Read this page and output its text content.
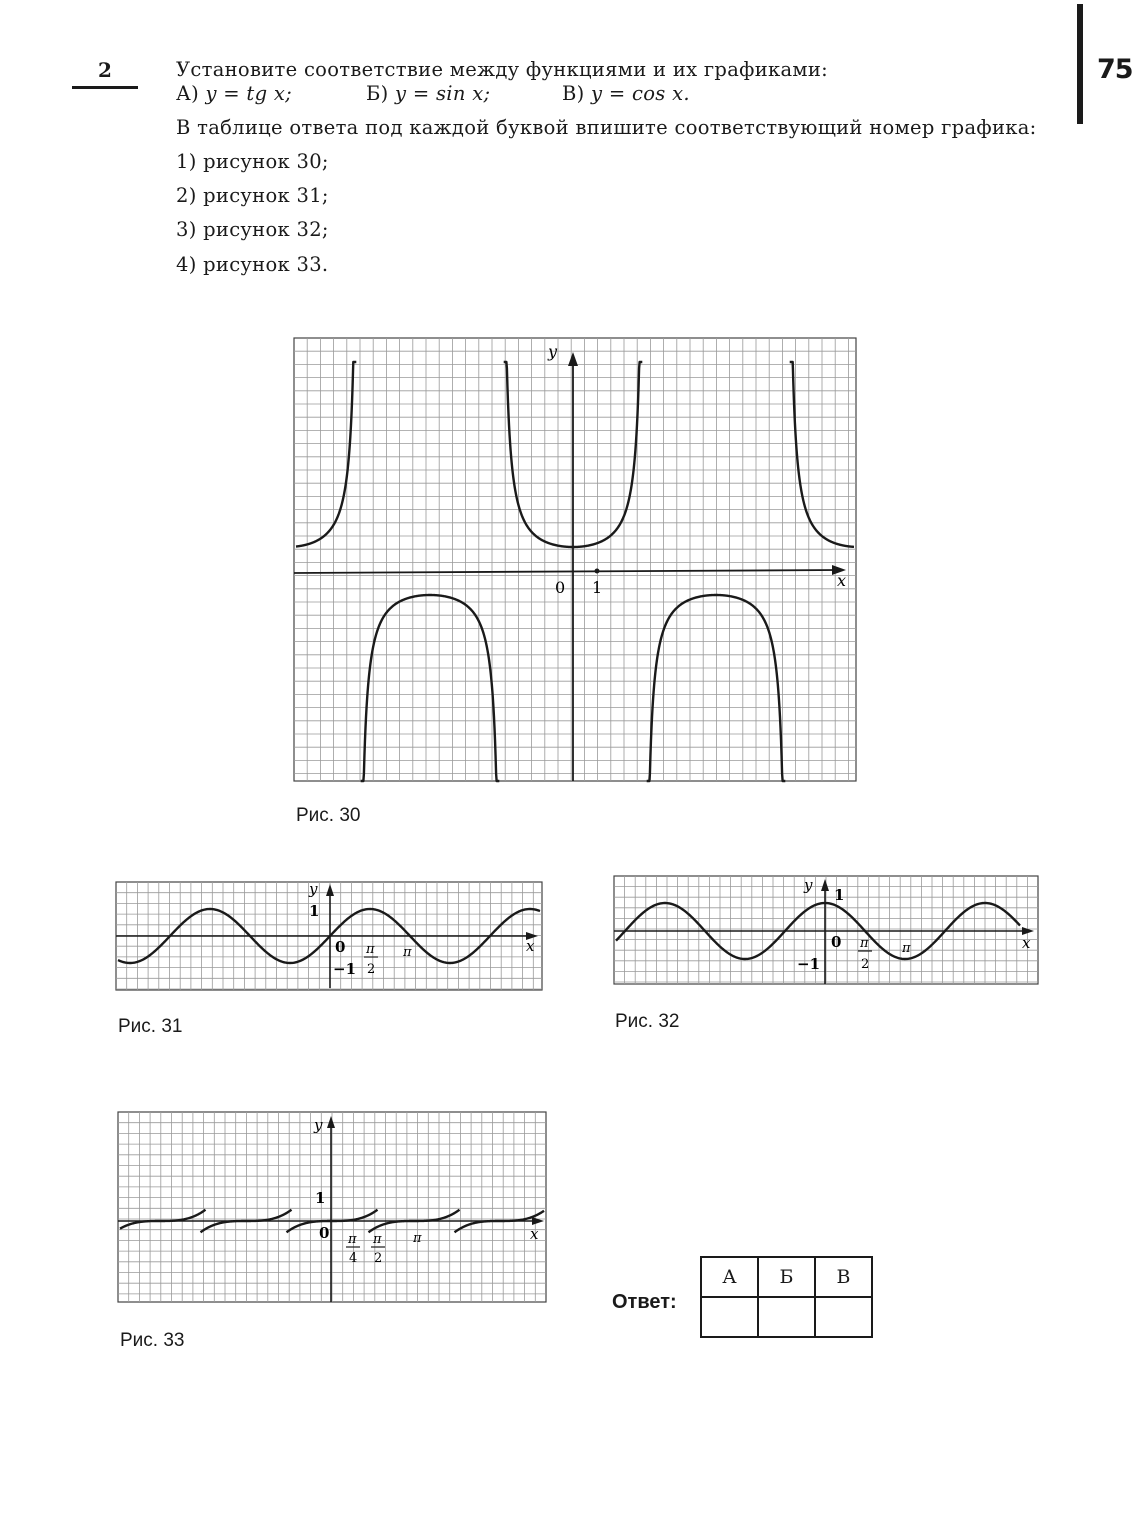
2	75
Установите соответствие между функциями и их графиками:
А) y = tg x;	Б) y = sin x;	В) y = cos x.
В таблице ответа под каждой буквой впишите соответствующий номер графика:
1) рисунок 30;
2) рисунок 31;
3) рисунок 32;
4) рисунок 33.
y
x
0 1
Рис. 30
y
x
1
0
−1
π
2
π
Рис. 31
y
x
1
0
−1
π
2
π
Рис. 32
y
x
1
0 π
4
π
2
π
Рис. 33
Ответ:
А	Б	В
